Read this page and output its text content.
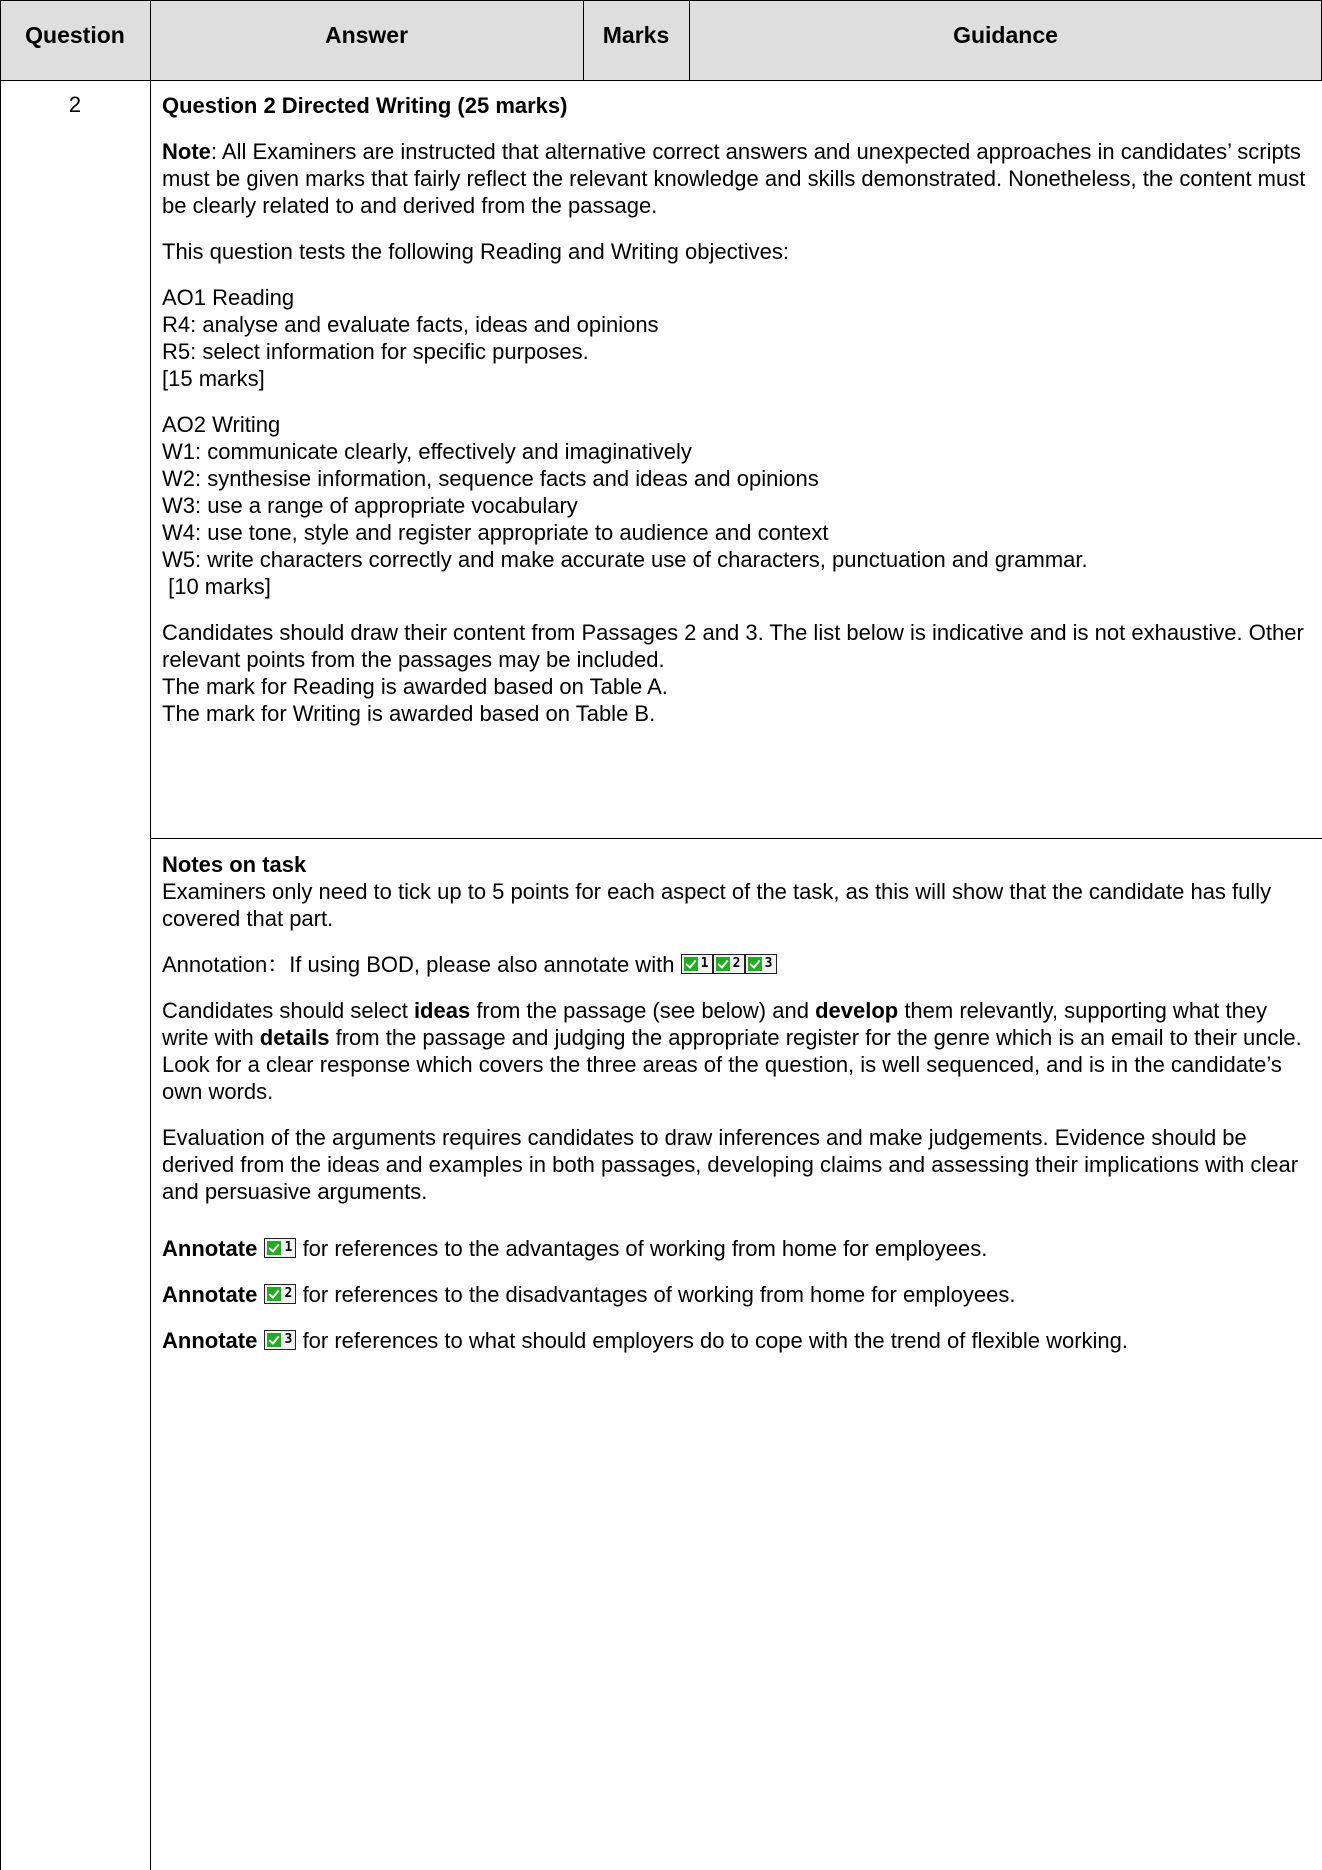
Question	Answer	Marks	Guidance
2	Question 2 Directed Writing (25 marks)

Note: All Examiners are instructed that alternative correct answers and unexpected approaches in candidates’ scripts must be given marks that fairly reflect the relevant knowledge and skills demonstrated. Nonetheless, the content must be clearly related to and derived from the passage.

This question tests the following Reading and Writing objectives:

AO1 Reading
R4: analyse and evaluate facts, ideas and opinions
R5: select information for specific purposes.
[15 marks]

AO2 Writing
W1: communicate clearly, effectively and imaginatively
W2: synthesise information, sequence facts and ideas and opinions
W3: use a range of appropriate vocabulary
W4: use tone, style and register appropriate to audience and context
W5: write characters correctly and make accurate use of characters, punctuation and grammar.
[10 marks]

Candidates should draw their content from Passages 2 and 3. The list below is indicative and is not exhaustive. Other relevant points from the passages may be included.

The mark for Reading is awarded based on Table A.

The mark for Writing is awarded based on Table B.

Notes on task
Examiners only need to tick up to 5 points for each aspect of the task, as this will show that the candidate has fully covered that part.

Annotation：If using BOD, please also annotate with 1 2 3

Candidates should select ideas from the passage (see below) and develop them relevantly, supporting what they write with details from the passage and judging the appropriate register for the genre which is an email to their uncle. Look for a clear response which covers the three areas of the question, is well sequenced, and is in the candidate’s own words.

Evaluation of the arguments requires candidates to draw inferences and make judgements. Evidence should be derived from the ideas and examples in both passages, developing claims and assessing their implications with clear and persuasive arguments.

Annotate 1 for references to the advantages of working from home for employees.

Annotate 2 for references to the disadvantages of working from home for employees.

Annotate 3 for references to what should employers do to cope with the trend of flexible working.
